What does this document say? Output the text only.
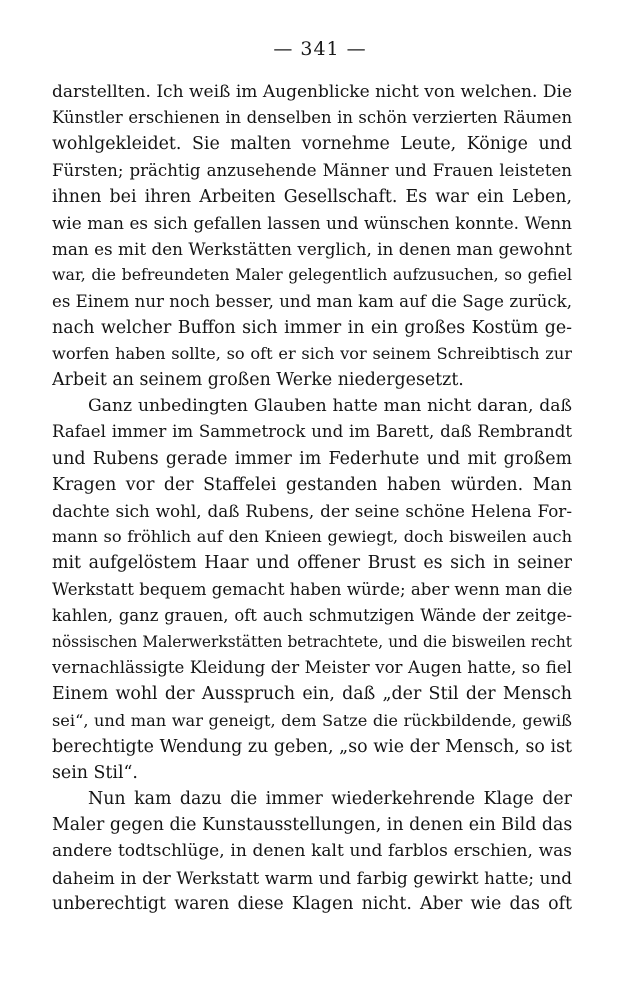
— 341 —
darstellten. Ich weiß im Augenblicke nicht von welchen. Die
Künstler erschienen in denselben in schön verzierten Räumen
wohlgekleidet. Sie malten vornehme Leute, Könige und
Fürsten; prächtig anzusehende Männer und Frauen leisteten
ihnen bei ihren Arbeiten Gesellschaft. Es war ein Leben,
wie man es sich gefallen lassen und wünschen konnte. Wenn
man es mit den Werkstätten verglich, in denen man gewohnt
war, die befreundeten Maler gelegentlich aufzusuchen, so gefiel
es Einem nur noch besser, und man kam auf die Sage zurück,
nach welcher Buffon sich immer in ein großes Kostüm ge-
worfen haben sollte, so oft er sich vor seinem Schreibtisch zur
Arbeit an seinem großen Werke niedergesetzt.
Ganz unbedingten Glauben hatte man nicht daran, daß
Rafael immer im Sammetrock und im Barett, daß Rembrandt
und Rubens gerade immer im Federhute und mit großem
Kragen vor der Staffelei gestanden haben würden. Man
dachte sich wohl, daß Rubens, der seine schöne Helena For-
mann so fröhlich auf den Knieen gewiegt, doch bisweilen auch
mit aufgelöstem Haar und offener Brust es sich in seiner
Werkstatt bequem gemacht haben würde; aber wenn man die
kahlen, ganz grauen, oft auch schmutzigen Wände der zeitge-
nössischen Malerwerkstätten betrachtete, und die bisweilen recht
vernachlässigte Kleidung der Meister vor Augen hatte, so fiel
Einem wohl der Ausspruch ein, daß „der Stil der Mensch
sei“, und man war geneigt, dem Satze die rückbildende, gewiß
berechtigte Wendung zu geben, „so wie der Mensch, so ist
sein Stil“.
Nun kam dazu die immer wiederkehrende Klage der
Maler gegen die Kunstausstellungen, in denen ein Bild das
andere todtschlüge, in denen kalt und farblos erschien, was
daheim in der Werkstatt warm und farbig gewirkt hatte; und
unberechtigt waren diese Klagen nicht. Aber wie das oft
